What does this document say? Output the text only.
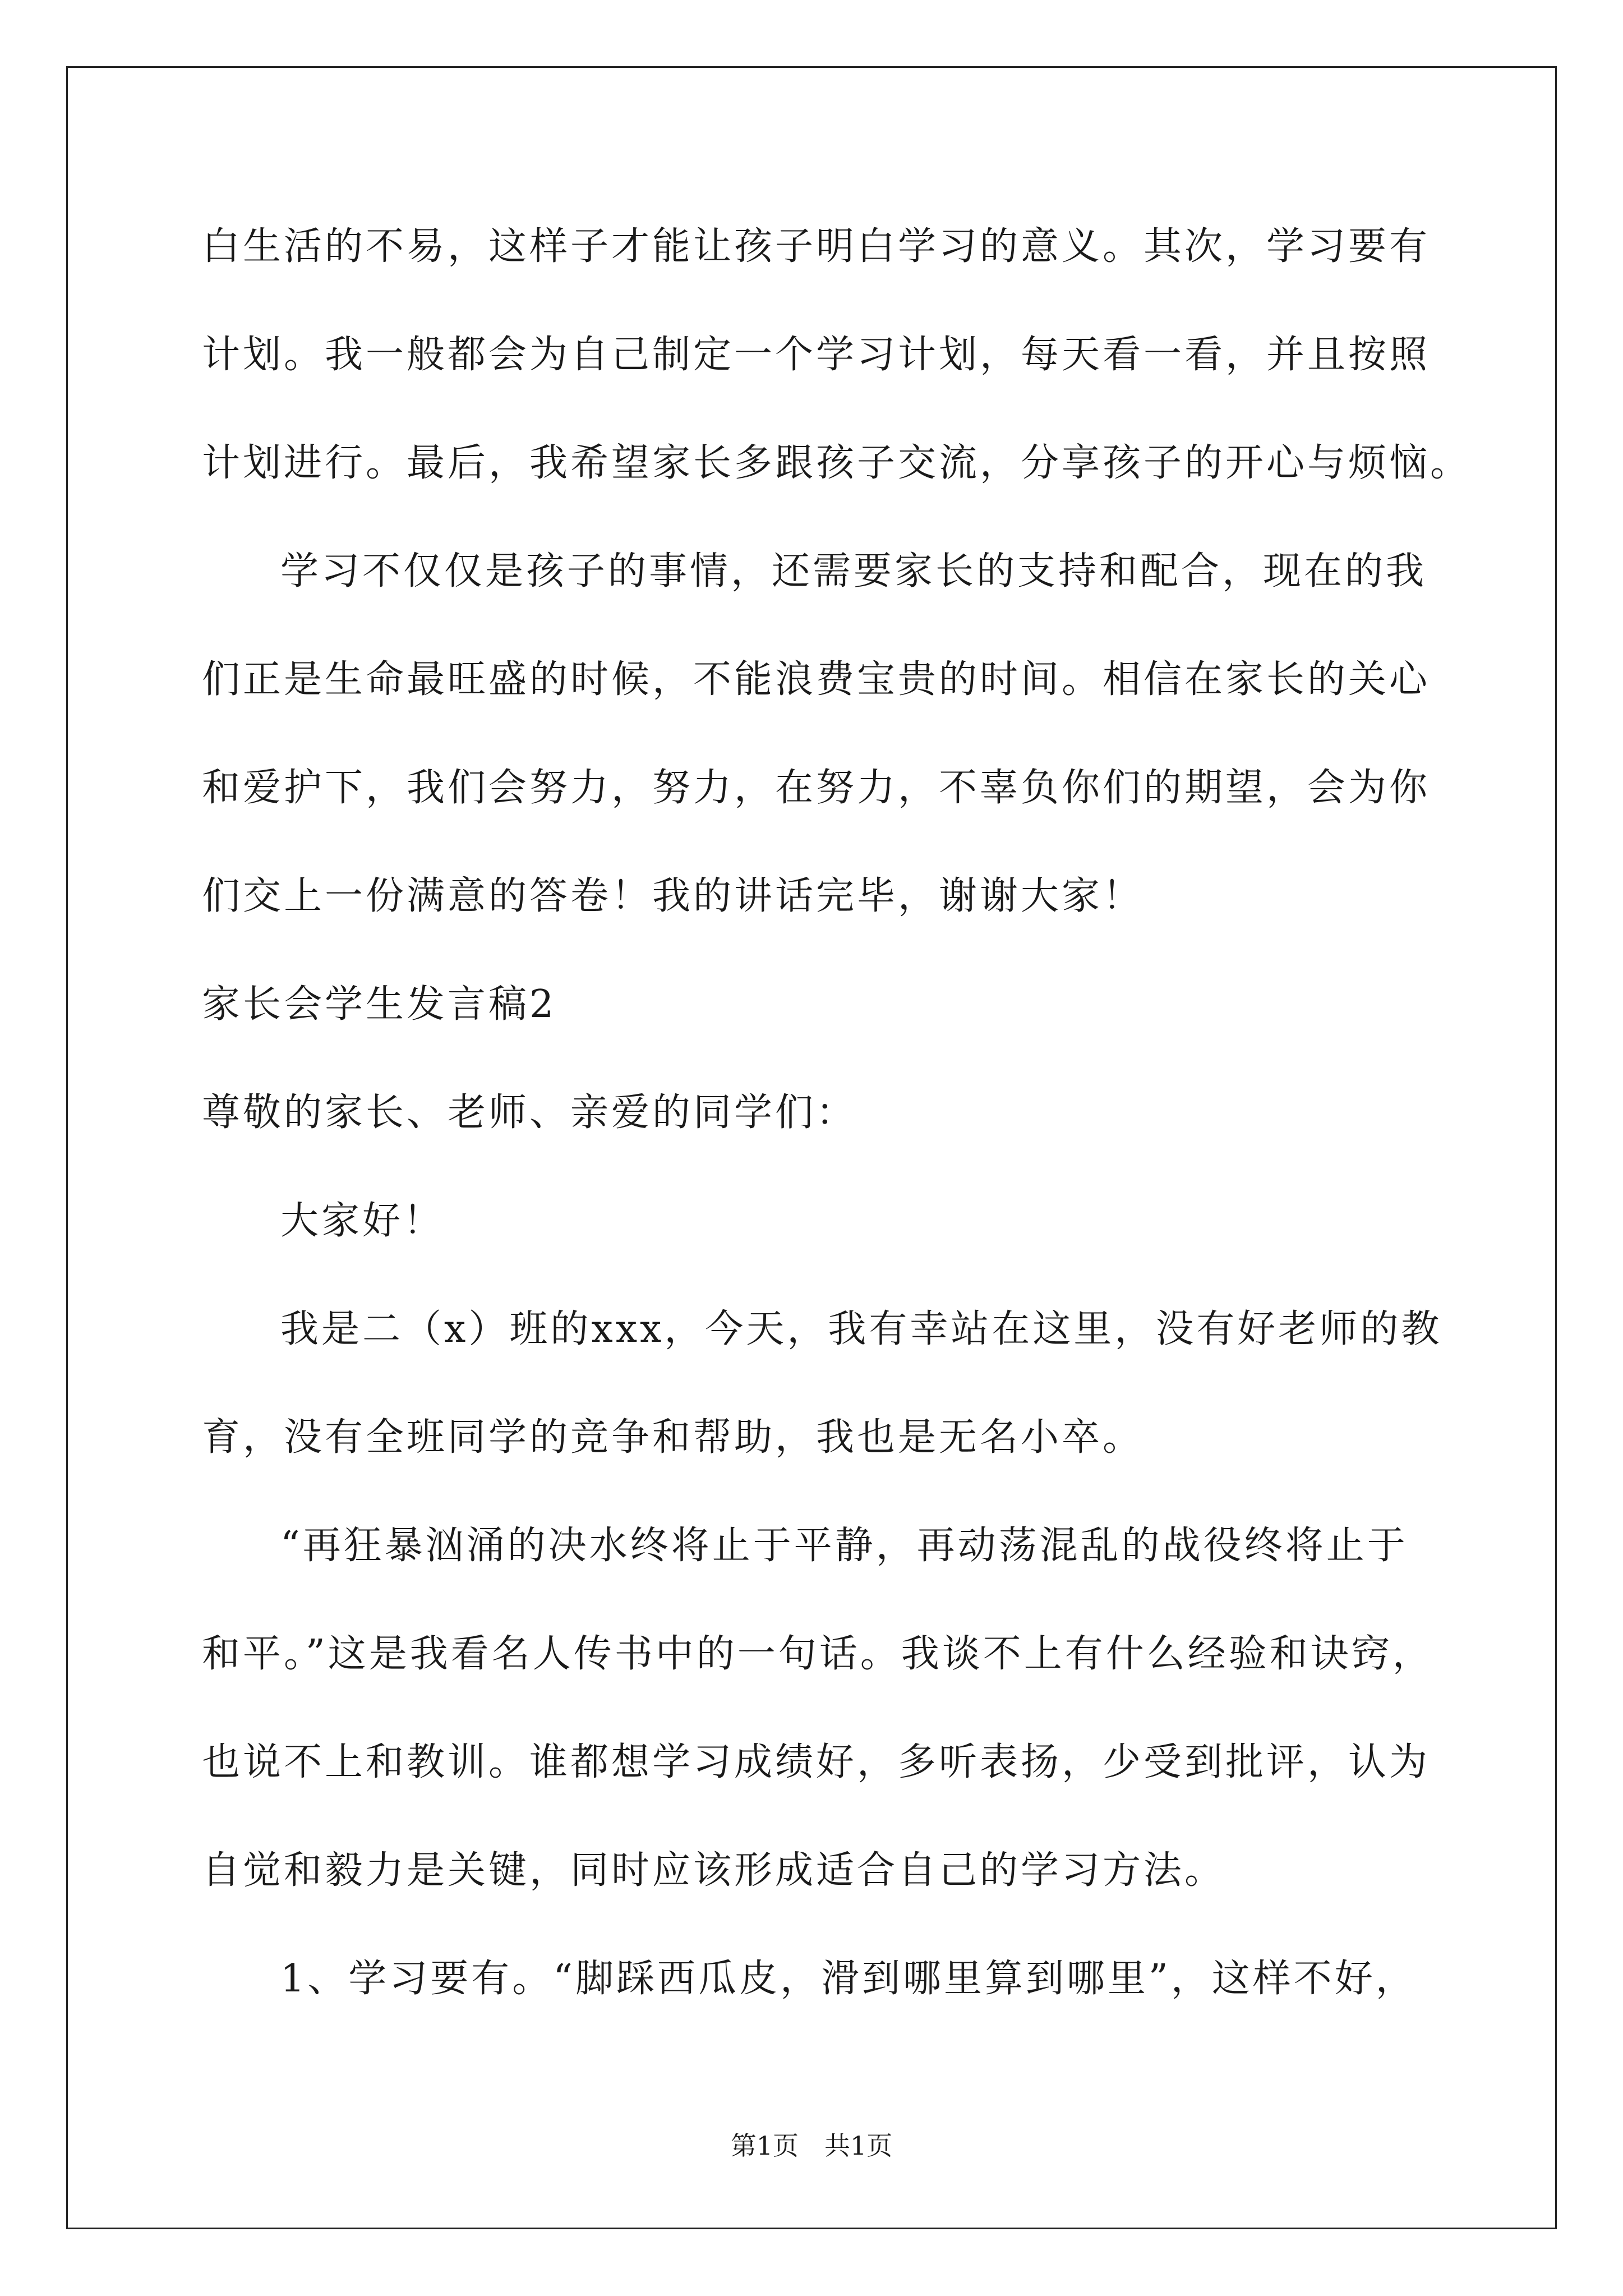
白生活的不易，这样子才能让孩子明白学习的意义。其次，学习要有
计划。我一般都会为自己制定一个学习计划，每天看一看，并且按照
计划进行。最后，我希望家长多跟孩子交流，分享孩子的开心与烦恼。
学习不仅仅是孩子的事情，还需要家长的支持和配合，现在的我
们正是生命最旺盛的时候，不能浪费宝贵的时间。相信在家长的关心
和爱护下，我们会努力，努力，在努力，不辜负你们的期望，会为你
们交上一份满意的答卷！我的讲话完毕，谢谢大家！
家长会学生发言稿2
尊敬的家长、老师、亲爱的同学们：
大家好！
我是二（x）班的xxx，今天，我有幸站在这里，没有好老师的教
育，没有全班同学的竞争和帮助，我也是无名小卒。
“再狂暴汹涌的决水终将止于平静，再动荡混乱的战役终将止于
和平。”这是我看名人传书中的一句话。我谈不上有什么经验和诀窍，
也说不上和教训。谁都想学习成绩好，多听表扬，少受到批评，认为
自觉和毅力是关键，同时应该形成适合自己的学习方法。
1、学习要有。“脚踩西瓜皮，滑到哪里算到哪里”，这样不好，
第1页　共1页
